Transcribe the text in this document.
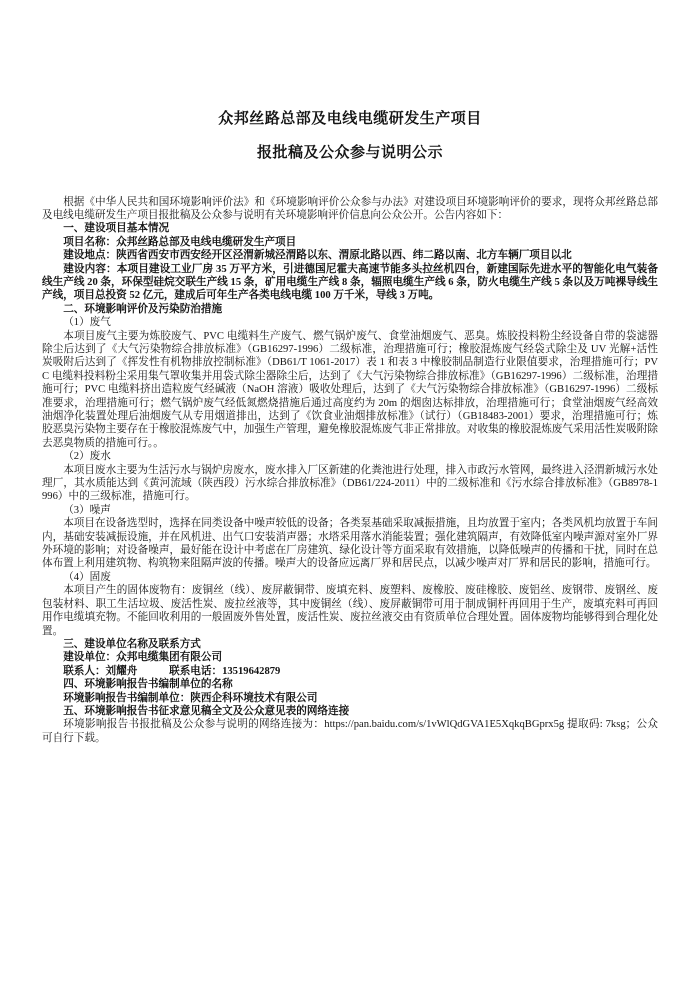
众邦丝路总部及电线电缆研发生产项目
报批稿及公众参与说明公示

根据《中华人民共和国环境影响评价法》和《环境影响评价公众参与办法》对建设项目环境影响评价的要求，现将众邦丝路总部及电线电缆研发生产项目报批稿及公众参与说明有关环境影响评价信息向公众公开。公告内容如下：

一、建设项目基本情况

项目名称：众邦丝路总部及电线电缆研发生产项目

建设地点：陕西省西安市西安经开区泾渭新城泾渭路以东、渭原北路以西、纬二路以南、北方车辆厂项目以北

建设内容：本项目建设工业厂房 35 万平方米，引进德国尼霍夫高速节能多头拉丝机四台，新建国际先进水平的智能化电气装备线生产线 20 条，环保型硅烷交联生产线 15 条，矿用电缆生产线 8 条，辐照电缆生产线 6 条，防火电缆生产线 5 条以及万吨裸导线生产线，项目总投资 52 亿元，建成后可年生产各类电线电缆 100 万千米，导线 3 万吨。

二、环境影响评价及污染防治措施

（1）废气

本项目废气主要为炼胶废气、PVC 电缆料生产废气、燃气锅炉废气、食堂油烟废气、恶臭。炼胶投料粉尘经设备自带的袋滤器除尘后达到了《大气污染物综合排放标准》（GB16297-1996）二级标准，治理措施可行；橡胶混炼废气经袋式除尘及 UV 光解+活性炭吸附后达到了《挥发性有机物排放控制标准》（DB61/T 1061-2017）表 1 和表 3 中橡胶制品制造行业限值要求，治理措施可行；PVC 电缆料投料粉尘采用集气罩收集并用袋式除尘器除尘后，达到了《大气污染物综合排放标准》（GB16297-1996）二级标准，治理措施可行；PVC 电缆料挤出造粒废气经碱液（NaOH 溶液）吸收处理后，达到了《大气污染物综合排放标准》（GB16297-1996）二级标准要求，治理措施可行；燃气锅炉废气经低氮燃烧措施后通过高度约为 20m 的烟囱达标排放，治理措施可行；食堂油烟废气经高效油烟净化装置处理后油烟废气从专用烟道排出，达到了《饮食业油烟排放标准》（试行）（GB18483-2001）要求，治理措施可行；炼胶恶臭污染物主要存在于橡胶混炼废气中，加强生产管理，避免橡胶混炼废气非正常排放。对收集的橡胶混炼废气采用活性炭吸附除去恶臭物质的措施可行。。

（2）废水

本项目废水主要为生活污水与锅炉房废水，废水排入厂区新建的化粪池进行处理，排入市政污水管网，最终进入泾渭新城污水处理厂，其水质能达到《黄河流域（陕西段）污水综合排放标准》（DB61/224-2011）中的二级标准和《污水综合排放标准》（GB8978-1996）中的三级标准，措施可行。

（3）噪声

本项目在设备选型时，选择在同类设备中噪声较低的设备；各类泵基础采取减振措施，且均放置于室内；各类风机均放置于车间内，基础安装减振设施，并在风机进、出气口安装消声器；水塔采用落水消能装置；强化建筑隔声，有效降低室内噪声源对室外厂界外环境的影响；对设备噪声，最好能在设计中考虑在厂房建筑、绿化设计等方面采取有效措施，以降低噪声的传播和干扰，同时在总体布置上利用建筑物、构筑物来阻隔声波的传播。噪声大的设备应远离厂界和居民点，以减少噪声对厂界和居民的影响，措施可行。

（4）固废

本项目产生的固体废物有：废铜丝（线）、废屏蔽铜带、废填充料、废塑料、废橡胶、废硅橡胶、废铝丝、废钢带、废钢丝、废包装材料、职工生活垃圾、废活性炭、废拉丝液等，其中废铜丝（线）、废屏蔽铜带可用于制成铜杆再回用于生产，废填充料可再回用作电缆填充物。不能回收利用的一般固废外售处置，废活性炭、废拉丝液交由有资质单位合理处置。固体废物均能够得到合理化处置。

三、建设单位名称及联系方式

建设单位：众邦电缆集团有限公司

联系人：刘耀舟　　　联系电话：13519642879

四、环境影响报告书编制单位的名称

环境影响报告书编制单位：陕西企科环境技术有限公司

五、环境影响报告书征求意见稿全文及公众意见表的网络连接

环境影响报告书报批稿及公众参与说明的网络连接为：https://pan.baidu.com/s/1vWlQdGVA1E5XqkqBGprx5g 提取码: 7ksg；公众可自行下载。
